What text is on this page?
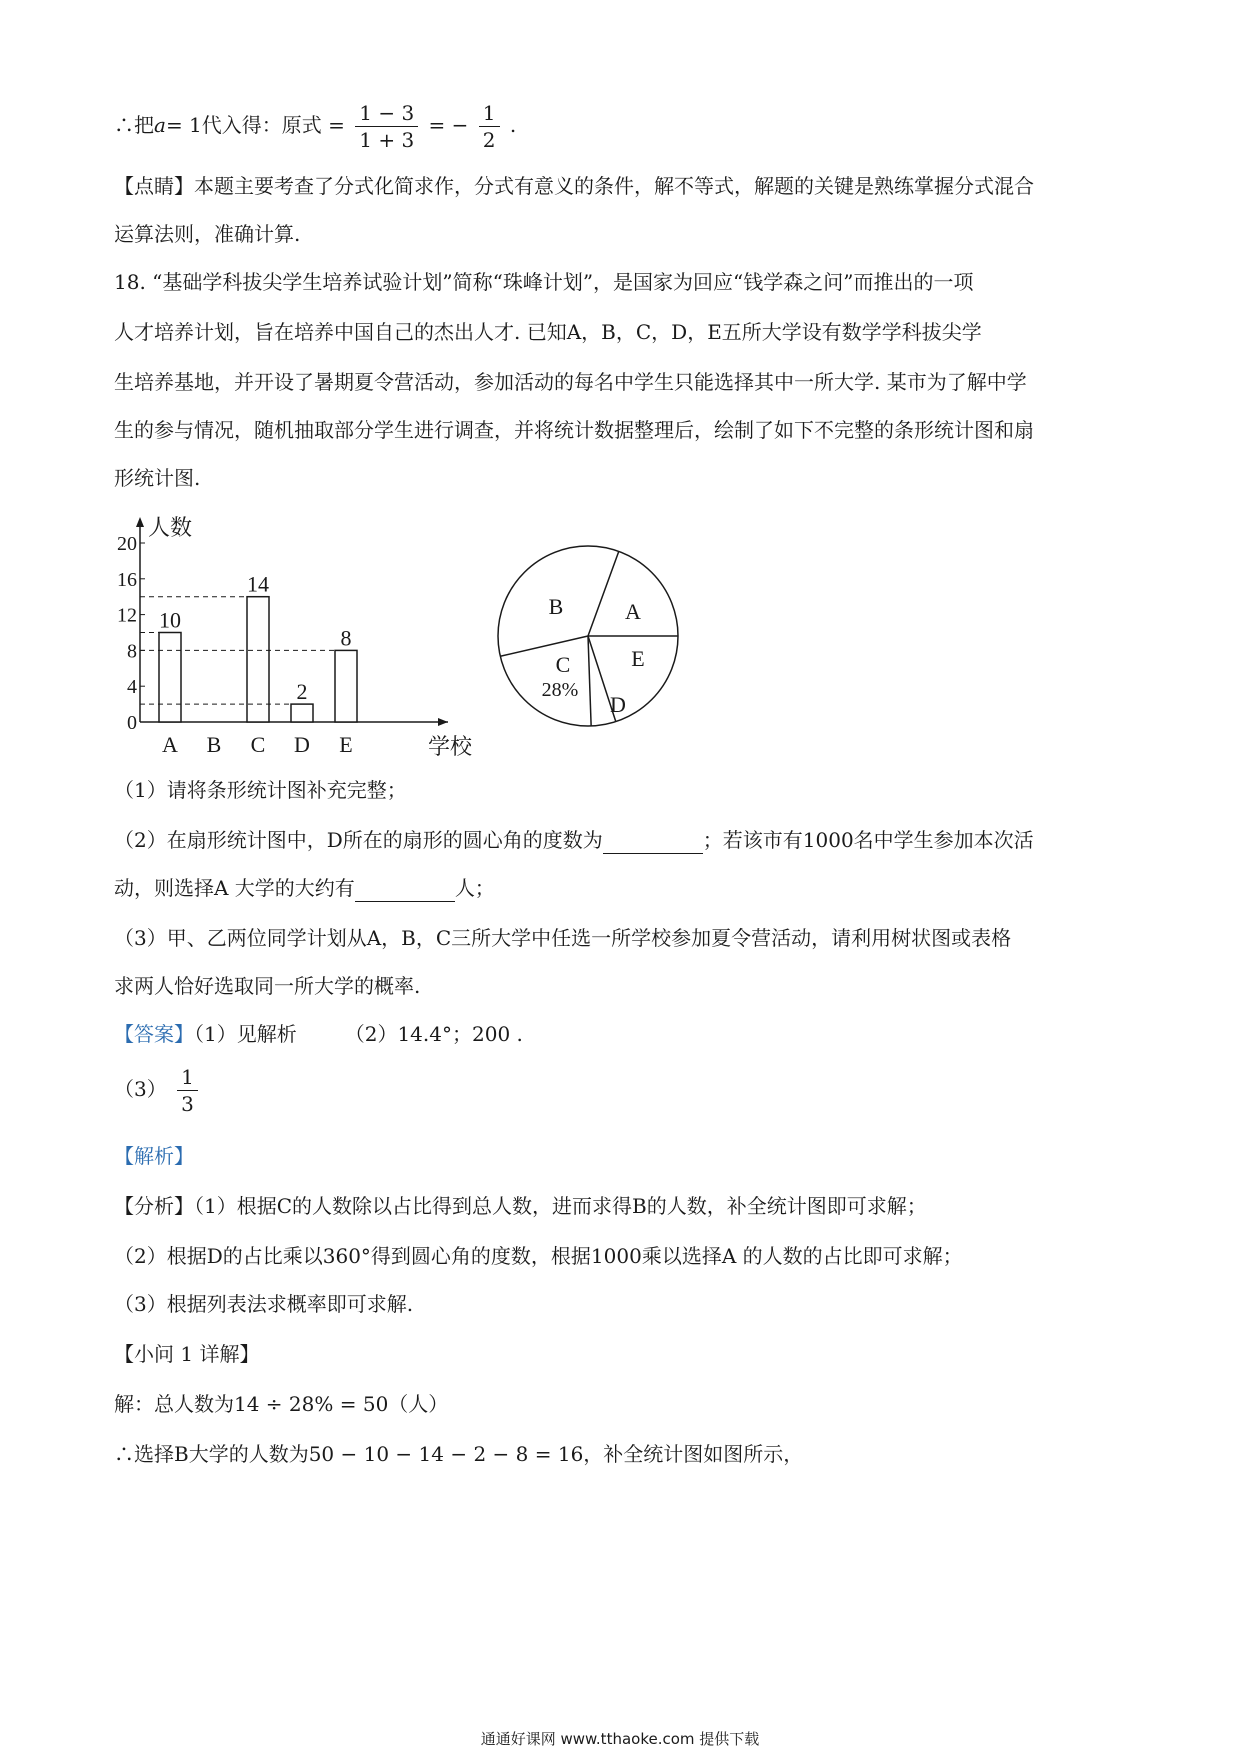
∴把a= 1代入得：原式 = $\frac{1 - 3}{1 + 3}$ = − $\frac{1}{2}$ .
【点睛】本题主要考查了分式化简求作，分式有意义的条件，解不等式，解题的关键是熟练掌握分式混合
运算法则，准确计算.
18. “基础学科拔尖学生培养试验计划”简称“珠峰计划”，是国家为回应“钱学森之问”而推出的一项
人才培养计划，旨在培养中国自己的杰出人才. 已知A，B，C，D，E五所大学设有数学学科拔尖学
生培养基地，并开设了暑期夏令营活动，参加活动的每名中学生只能选择其中一所大学. 某市为了解中学
生的参与情况，随机抽取部分学生进行调查，并将统计数据整理后，绘制了如下不完整的条形统计图和扇
形统计图.
人数
学校
0
4
8
12
16
20
A
10
B C
14
D
2
E
8
A
B
C
D
E
28%
（1）请将条形统计图补充完整；
（2）在扇形统计图中，D所在的扇形的圆心角的度数为	；若该市有1000名中学生参加本次活
动，则选择A 大学的大约有	人；
（3）甲、乙两位同学计划从A，B，C三所大学中任选一所学校参加夏令营活动，请利用树状图或表格
求两人恰好选取同一所大学的概率.
【答案】（1）见解析 （2）14.4°；200 .
$(3) \frac{1}{3}$
【解析】
【分析】（1）根据C的人数除以占比得到总人数，进而求得B的人数，补全统计图即可求解；
（2）根据D的占比乘以360°得到圆心角的度数，根据1000乘以选择A 的人数的占比即可求解；
（3）根据列表法求概率即可求解.
【小问 1 详解】
解：总人数为14 ÷ 28% = 50（人）
∴选择B大学的人数为50 − 10 − 14 − 2 − 8 = 16，补全统计图如图所示，
通通好课网 www.tthaoke.com 提供下载
